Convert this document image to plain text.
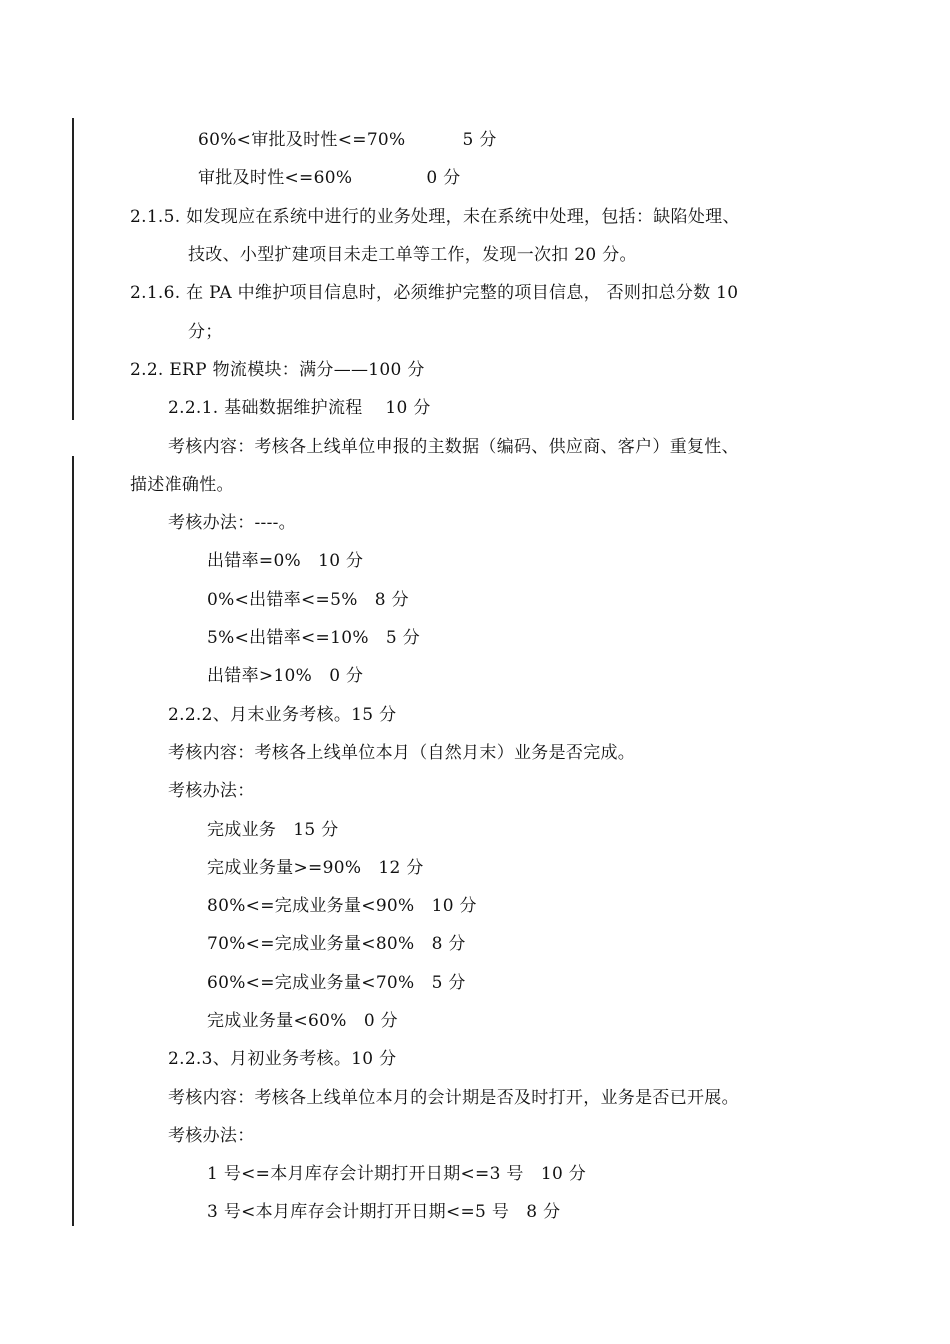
60%<审批及时性<=70%          5 分
审批及时性<=60%             0 分
2.1.5. 如发现应在系统中进行的业务处理，未在系统中处理，包括：缺陷处理、
技改、小型扩建项目未走工单等工作，发现一次扣 20 分。
2.1.6. 在 PA 中维护项目信息时，必须维护完整的项目信息， 否则扣总分数 10
分；
2.2. ERP 物流模块：满分——100 分
2.2.1. 基础数据维护流程    10 分
考核内容：考核各上线单位申报的主数据（编码、供应商、客户）重复性、
描述准确性。
考核办法：----。
出错率=0%   10 分
0%<出错率<=5%   8 分
5%<出错率<=10%   5 分
出错率>10%   0 分
2.2.2、月末业务考核。15 分
考核内容：考核各上线单位本月（自然月末）业务是否完成。
考核办法：
完成业务   15 分
完成业务量>=90%   12 分
80%<=完成业务量<90%   10 分
70%<=完成业务量<80%   8 分
60%<=完成业务量<70%   5 分
完成业务量<60%   0 分
2.2.3、月初业务考核。10 分
考核内容：考核各上线单位本月的会计期是否及时打开，业务是否已开展。
考核办法：
1 号<=本月库存会计期打开日期<=3 号   10 分
3 号<本月库存会计期打开日期<=5 号   8 分
